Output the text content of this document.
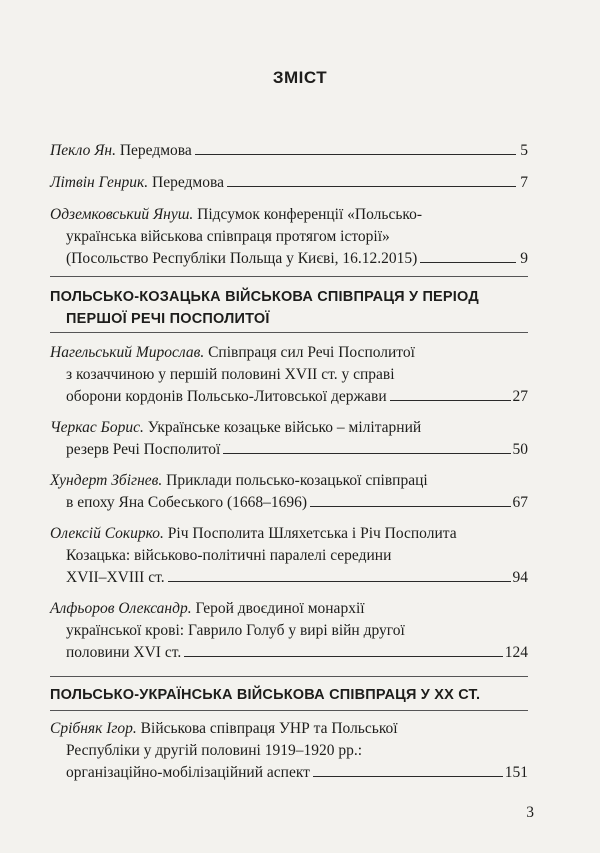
ЗМІСТ
Пекло Ян. Передмова	5
Літвін Генрик. Передмова	7
Одземковський Януш. Підсумок конференції «Польсько-
українська військова співпраця протягом історії»
(Посольство Республіки Польща у Києві, 16.12.2015)	9
ПОЛЬСЬКО-КОЗАЦЬКА ВІЙСЬКОВА СПІВПРАЦЯ У ПЕРІОД
ПЕРШОЇ РЕЧІ ПОСПОЛИТОЇ
Нагельський Мирослав. Співпраця сил Речі Посполитої
з козаччиною у першій половині XVII ст. у справі
оборони кордонів Польсько-Литовської держави	27
Черкас Борис. Українське козацьке військо – мілітарний
резерв Речі Посполитої	50
Хундерт Збігнев. Приклади польсько-козацької співпраці
в епоху Яна Собеського (1668–1696)	67
Олексій Сокирко. Річ Посполита Шляхетська і Річ Посполита
Козацька: військово-політичні паралелі середини
XVII–XVIII ст.	94
Алфьоров Олександр. Герой двоєдиної монархії
української крові: Гаврило Голуб у вирі війн другої
половини XVI ст.	124
ПОЛЬСЬКО-УКРАЇНСЬКА ВІЙСЬКОВА СПІВПРАЦЯ У ХХ СТ.
Срібняк Ігор. Військова співпраця УНР та Польської
Республіки у другій половині 1919–1920 рр.:
організаційно-мобілізаційний аспект	151
3
